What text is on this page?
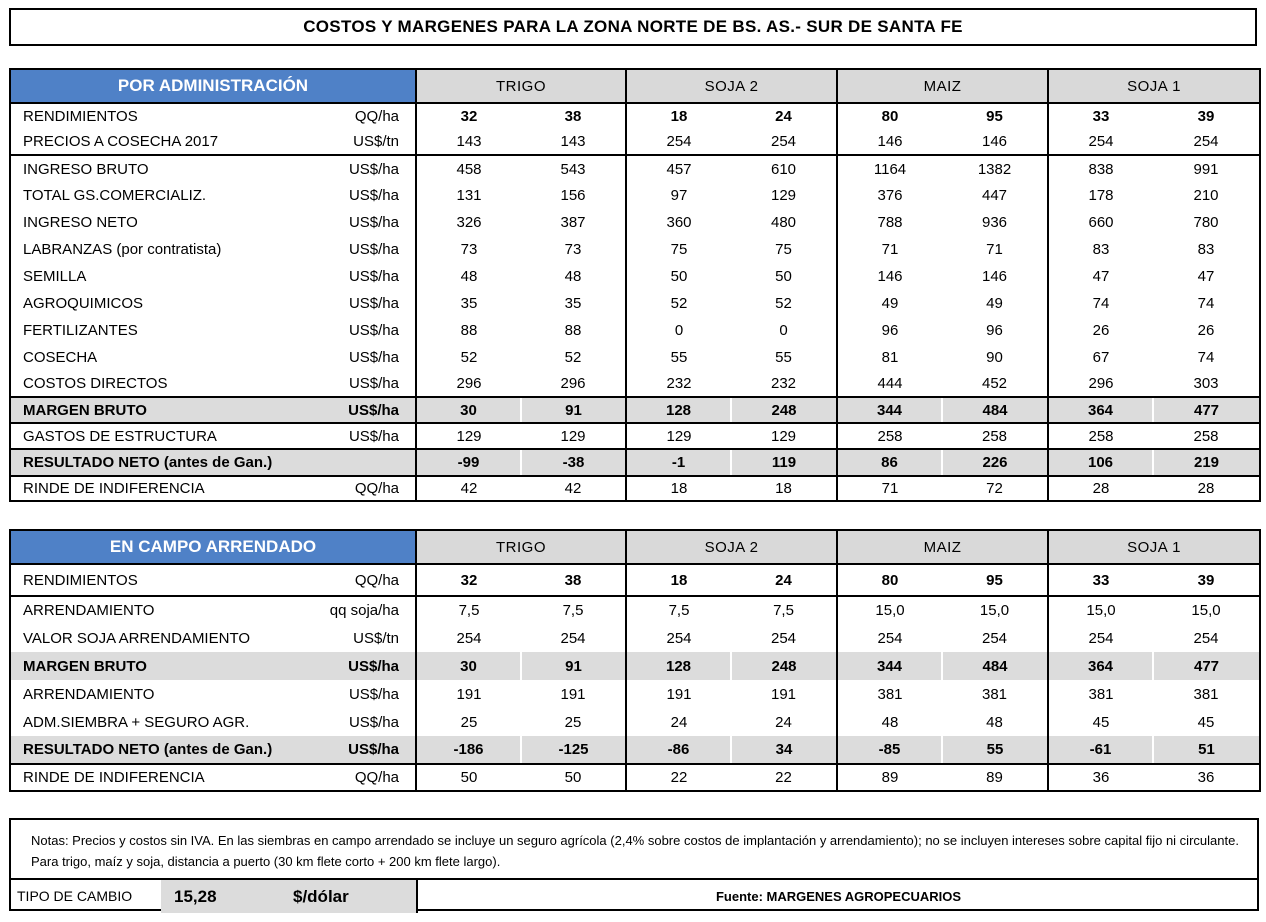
COSTOS Y MARGENES PARA LA ZONA NORTE DE BS. AS.- SUR DE SANTA FE
POR ADMINISTRACIÓN		TRIGO		SOJA 2		MAIZ		SOJA 1	
RENDIMIENTOS	QQ/ha	32	38	18	24	80	95	33	39
PRECIOS A COSECHA 2017	US$/tn	143	143	254	254	146	146	254	254
INGRESO BRUTO	US$/ha	458	543	457	610	1164	1382	838	991
TOTAL GS.COMERCIALIZ.	US$/ha	131	156	97	129	376	447	178	210
INGRESO NETO	US$/ha	326	387	360	480	788	936	660	780
LABRANZAS (por contratista)	US$/ha	73	73	75	75	71	71	83	83
SEMILLA	US$/ha	48	48	50	50	146	146	47	47
AGROQUIMICOS	US$/ha	35	35	52	52	49	49	74	74
FERTILIZANTES	US$/ha	88	88	0	0	96	96	26	26
COSECHA	US$/ha	52	52	55	55	81	90	67	74
COSTOS DIRECTOS	US$/ha	296	296	232	232	444	452	296	303
MARGEN BRUTO	US$/ha	30	91	128	248	344	484	364	477
GASTOS DE ESTRUCTURA	US$/ha	129	129	129	129	258	258	258	258
RESULTADO NETO (antes de Gan.)		-99	-38	-1	119	86	226	106	219
RINDE DE INDIFERENCIA	QQ/ha	42	42	18	18	71	72	28	28
EN CAMPO ARRENDADO		TRIGO		SOJA 2		MAIZ		SOJA 1	
RENDIMIENTOS	QQ/ha	32	38	18	24	80	95	33	39
ARRENDAMIENTO	qq soja/ha	7,5	7,5	7,5	7,5	15,0	15,0	15,0	15,0
VALOR SOJA ARRENDAMIENTO	US$/tn	254	254	254	254	254	254	254	254
MARGEN BRUTO	US$/ha	30	91	128	248	344	484	364	477
ARRENDAMIENTO	US$/ha	191	191	191	191	381	381	381	381
ADM.SIEMBRA + SEGURO AGR.	US$/ha	25	25	24	24	48	48	45	45
RESULTADO NETO (antes de Gan.)	US$/ha	-186	-125	-86	34	-85	55	-61	51
RINDE DE INDIFERENCIA	QQ/ha	50	50	22	22	89	89	36	36
Notas: Precios y costos sin IVA. En las siembras en campo arrendado se incluye un seguro agrícola (2,4% sobre costos de implantación y arrendamiento); no se incluyen intereses sobre capital fijo ni circulante. Para trigo, maíz y soja, distancia a puerto (30 km flete corto + 200 km flete largo).
TIPO DE CAMBIO 15,28	$/dólar	Fuente: MARGENES AGROPECUARIOS
